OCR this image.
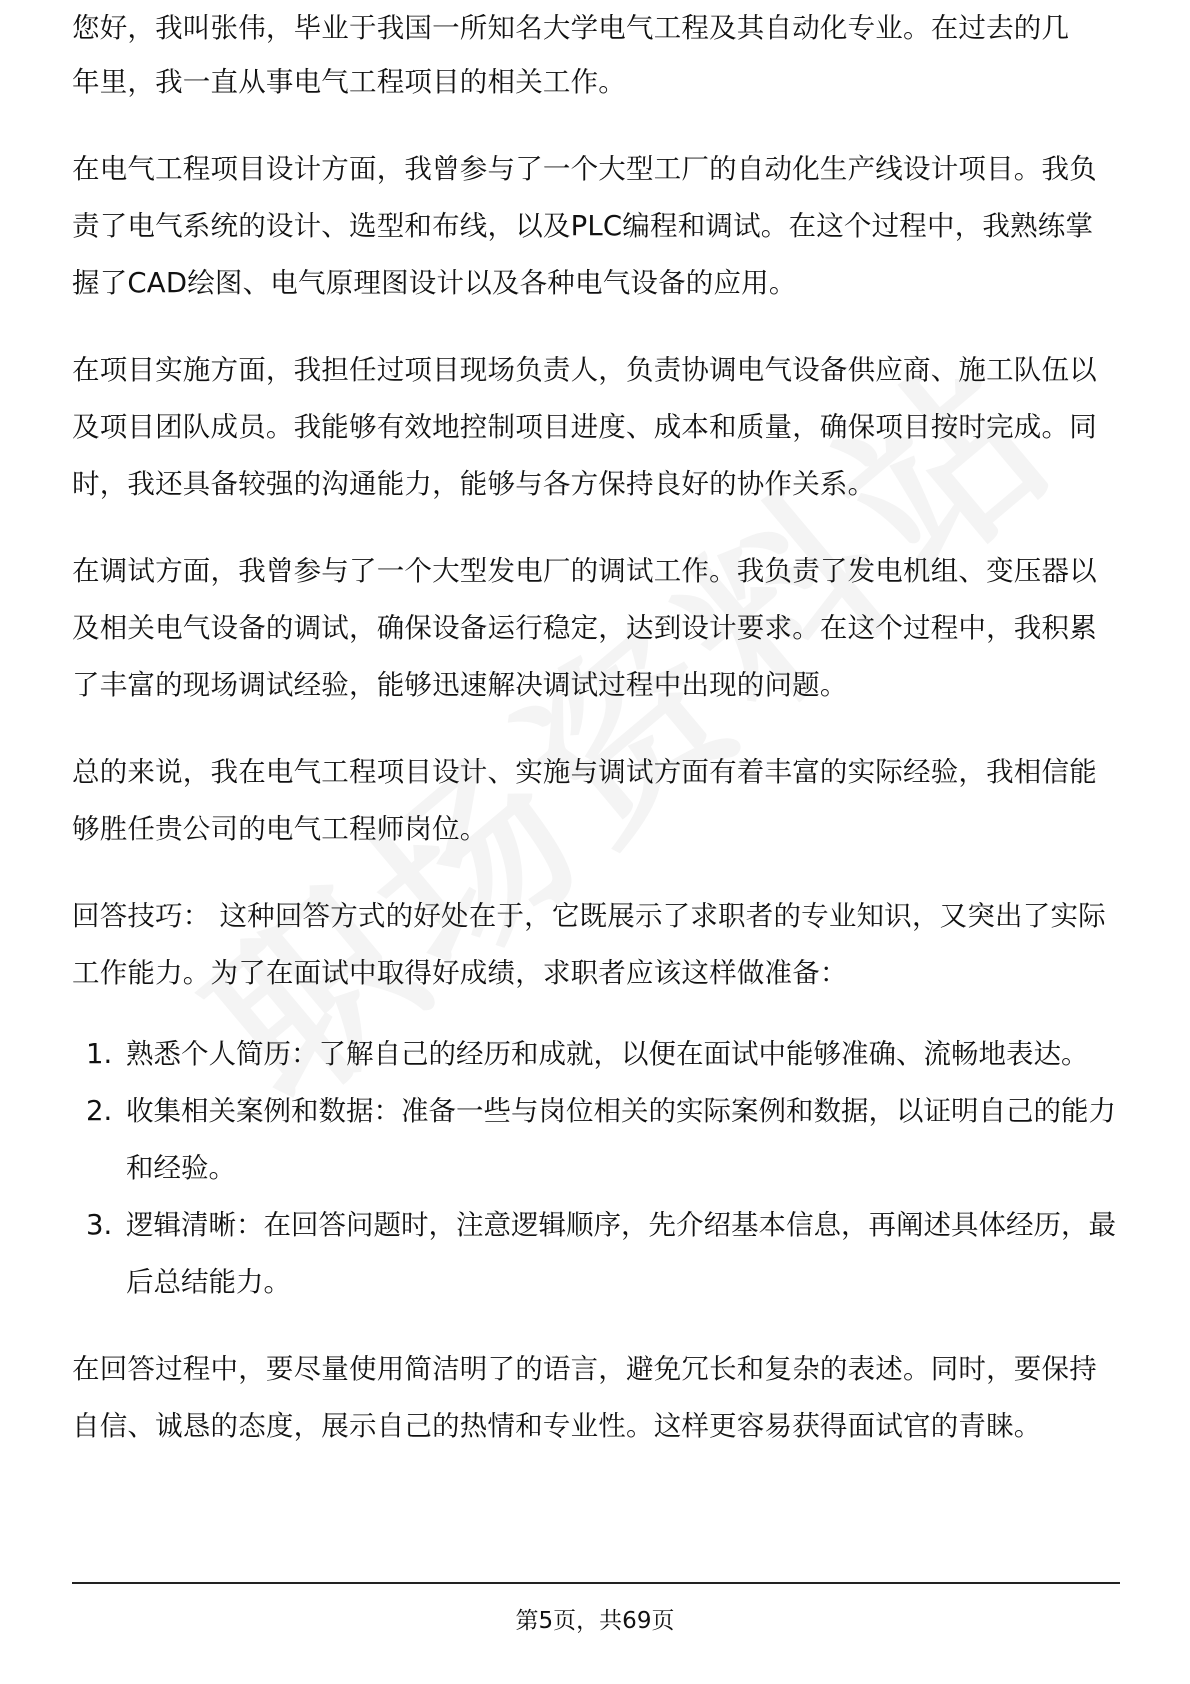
您好，我叫张伟，毕业于我国一所知名大学电气工程及其自动化专业。在过去的几
年里，我一直从事电气工程项目的相关工作。

在电气工程项目设计方面，我曾参与了一个大型工厂的自动化生产线设计项目。我负责了电气系统的设计、选型和布线，以及PLC编程和调试。在这个过程中，我熟练掌握了CAD绘图、电气原理图设计以及各种电气设备的应用。

在项目实施方面，我担任过项目现场负责人，负责协调电气设备供应商、施工队伍以及项目团队成员。我能够有效地控制项目进度、成本和质量，确保项目按时完成。同时，我还具备较强的沟通能力，能够与各方保持良好的协作关系。

在调试方面，我曾参与了一个大型发电厂的调试工作。我负责了发电机组、变压器以及相关电气设备的调试，确保设备运行稳定，达到设计要求。在这个过程中，我积累了丰富的现场调试经验，能够迅速解决调试过程中出现的问题。

总的来说，我在电气工程项目设计、实施与调试方面有着丰富的实际经验，我相信能够胜任贵公司的电气工程师岗位。

回答技巧： 这种回答方式的好处在于，它既展示了求职者的专业知识，又突出了实际工作能力。为了在面试中取得好成绩，求职者应该这样做准备：

1. 熟悉个人简历：了解自己的经历和成就，以便在面试中能够准确、流畅地表达。
2. 收集相关案例和数据：准备一些与岗位相关的实际案例和数据，以证明自己的能力和经验。
3. 逻辑清晰：在回答问题时，注意逻辑顺序，先介绍基本信息，再阐述具体经历，最后总结能力。

在回答过程中，要尽量使用简洁明了的语言，避免冗长和复杂的表述。同时，要保持自信、诚恳的态度，展示自己的热情和专业性。这样更容易获得面试官的青睐。

第5页，共69页
